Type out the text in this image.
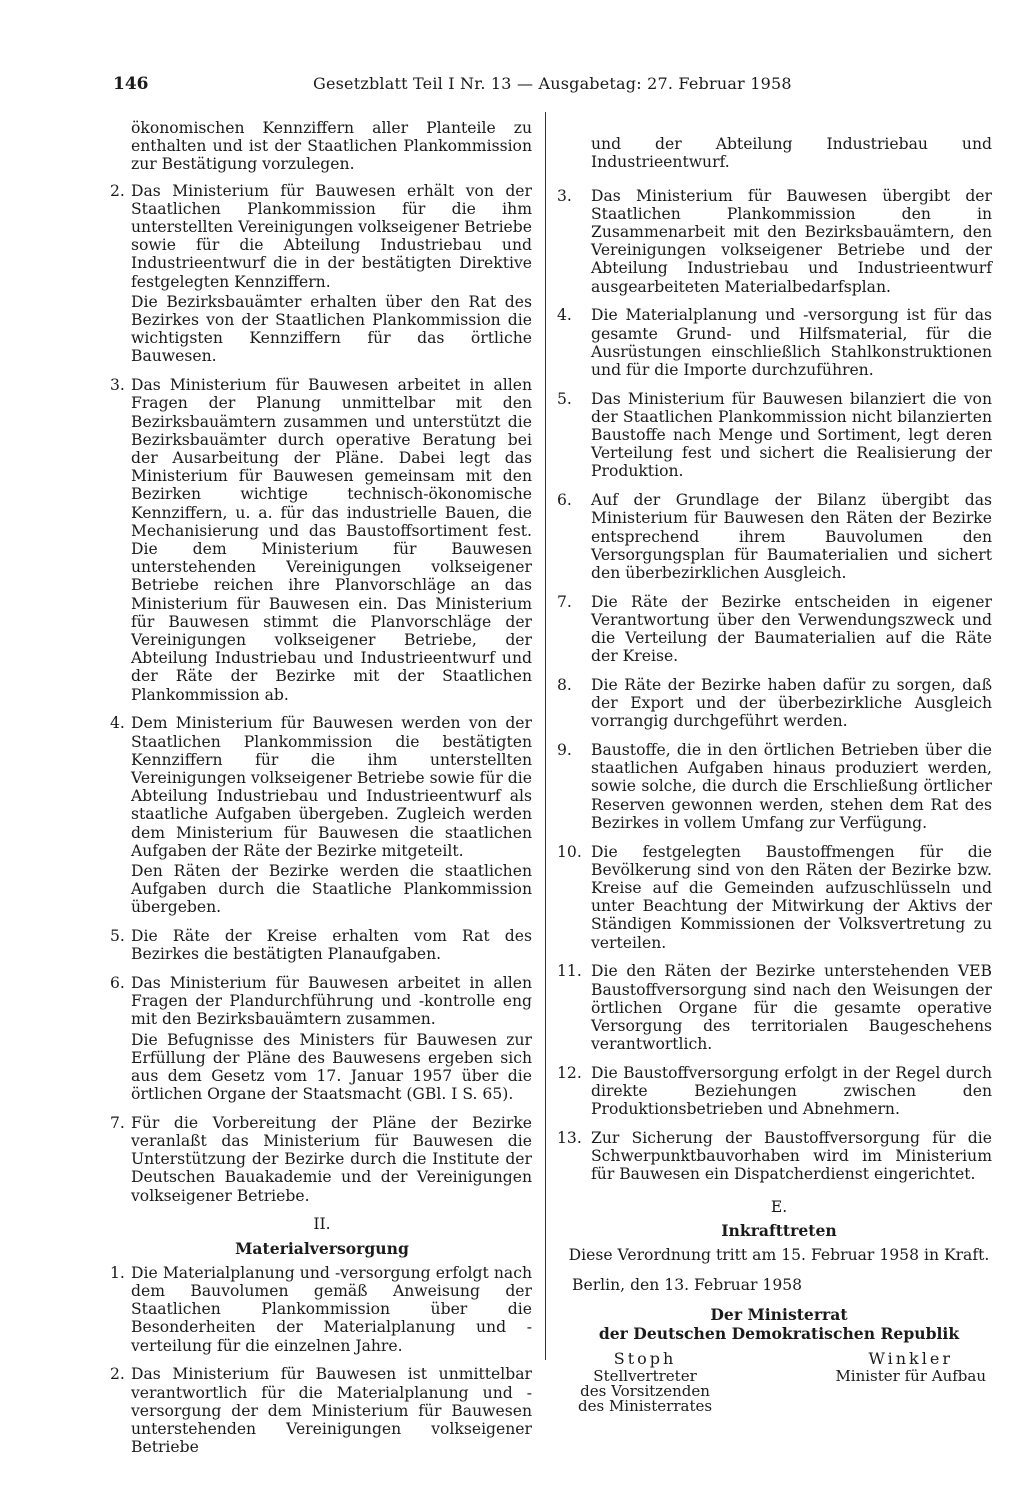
146	Gesetzblatt Teil I Nr. 13 — Ausgabetag: 27. Februar 1958

ökonomischen Kennziffern aller Planteile zu enthalten und ist der Staatlichen Plankommission zur Bestätigung vorzulegen.

2. Das Ministerium für Bauwesen erhält von der Staatlichen Plankommission für die ihm unterstellten Vereinigungen volkseigener Betriebe sowie für die Abteilung Industriebau und Industrieentwurf die in der bestätigten Direktive festgelegten Kennziffern.

Die Bezirksbauämter erhalten über den Rat des Bezirkes von der Staatlichen Plankommission die wichtigsten Kennziffern für das örtliche Bauwesen.

3. Das Ministerium für Bauwesen arbeitet in allen Fragen der Planung unmittelbar mit den Bezirksbauämtern zusammen und unterstützt die Bezirksbauämter durch operative Beratung bei der Ausarbeitung der Pläne. Dabei legt das Ministerium für Bauwesen gemeinsam mit den Bezirken wichtige technisch-ökonomische Kennziffern, u. a. für das industrielle Bauen, die Mechanisierung und das Baustoffsortiment fest. Die dem Ministerium für Bauwesen unterstehenden Vereinigungen volkseigener Betriebe reichen ihre Planvorschläge an das Ministerium für Bauwesen ein. Das Ministerium für Bauwesen stimmt die Planvorschläge der Vereinigungen volkseigener Betriebe, der Abteilung Industriebau und Industrieentwurf und der Räte der Bezirke mit der Staatlichen Plankommission ab.

4. Dem Ministerium für Bauwesen werden von der Staatlichen Plankommission die bestätigten Kennziffern für die ihm unterstellten Vereinigungen volkseigener Betriebe sowie für die Abteilung Industriebau und Industrieentwurf als staatliche Aufgaben übergeben. Zugleich werden dem Ministerium für Bauwesen die staatlichen Aufgaben der Räte der Bezirke mitgeteilt.

Den Räten der Bezirke werden die staatlichen Aufgaben durch die Staatliche Plankommission übergeben.

5. Die Räte der Kreise erhalten vom Rat des Bezirkes die bestätigten Planaufgaben.

6. Das Ministerium für Bauwesen arbeitet in allen Fragen der Plandurchführung und -kontrolle eng mit den Bezirksbauämtern zusammen.

Die Befugnisse des Ministers für Bauwesen zur Erfüllung der Pläne des Bauwesens ergeben sich aus dem Gesetz vom 17. Januar 1957 über die örtlichen Organe der Staatsmacht (GBl. I S. 65).

7. Für die Vorbereitung der Pläne der Bezirke veranlaßt das Ministerium für Bauwesen die Unterstützung der Bezirke durch die Institute der Deutschen Bauakademie und der Vereinigungen volkseigener Betriebe.

II.
Materialversorgung
1. Die Materialplanung und -versorgung erfolgt nach dem Bauvolumen gemäß Anweisung der Staatlichen Plankommission über die Besonderheiten der Materialplanung und -verteilung für die einzelnen Jahre.

2. Das Ministerium für Bauwesen ist unmittelbar verantwortlich für die Materialplanung und -versorgung der dem Ministerium für Bauwesen unterstehenden Vereinigungen volkseigener Betriebe

und der Abteilung Industriebau und Industrieentwurf.

3. Das Ministerium für Bauwesen übergibt der Staatlichen Plankommission den in Zusammenarbeit mit den Bezirksbauämtern, den Vereinigungen volkseigener Betriebe und der Abteilung Industriebau und Industrieentwurf ausgearbeiteten Materialbedarfsplan.

4. Die Materialplanung und -versorgung ist für das gesamte Grund- und Hilfsmaterial, für die Ausrüstungen einschließlich Stahlkonstruktionen und für die Importe durchzuführen.

5. Das Ministerium für Bauwesen bilanziert die von der Staatlichen Plankommission nicht bilanzierten Baustoffe nach Menge und Sortiment, legt deren Verteilung fest und sichert die Realisierung der Produktion.

6. Auf der Grundlage der Bilanz übergibt das Ministerium für Bauwesen den Räten der Bezirke entsprechend ihrem Bauvolumen den Versorgungsplan für Baumaterialien und sichert den überbezirklichen Ausgleich.

7. Die Räte der Bezirke entscheiden in eigener Verantwortung über den Verwendungszweck und die Verteilung der Baumaterialien auf die Räte der Kreise.

8. Die Räte der Bezirke haben dafür zu sorgen, daß der Export und der überbezirkliche Ausgleich vorrangig durchgeführt werden.

9. Baustoffe, die in den örtlichen Betrieben über die staatlichen Aufgaben hinaus produziert werden, sowie solche, die durch die Erschließung örtlicher Reserven gewonnen werden, stehen dem Rat des Bezirkes in vollem Umfang zur Verfügung.

10. Die festgelegten Baustoffmengen für die Bevölkerung sind von den Räten der Bezirke bzw. Kreise auf die Gemeinden aufzuschlüsseln und unter Beachtung der Mitwirkung der Aktivs der Ständigen Kommissionen der Volksvertretung zu verteilen.

11. Die den Räten der Bezirke unterstehenden VEB Baustoffversorgung sind nach den Weisungen der örtlichen Organe für die gesamte operative Versorgung des territorialen Baugeschehens verantwortlich.

12. Die Baustoffversorgung erfolgt in der Regel durch direkte Beziehungen zwischen den Produktionsbetrieben und Abnehmern.

13. Zur Sicherung der Baustoffversorgung für die Schwerpunktbauvorhaben wird im Ministerium für Bauwesen ein Dispatcherdienst eingerichtet.

E.
Inkrafttreten
Diese Verordnung tritt am 15. Februar 1958 in Kraft.
Berlin, den 13. Februar 1958
Der Ministerrat
der Deutschen Demokratischen Republik
Stoph
Stellvertreter
des Vorsitzenden
des Ministerrates
Winkler
Minister für Aufbau
